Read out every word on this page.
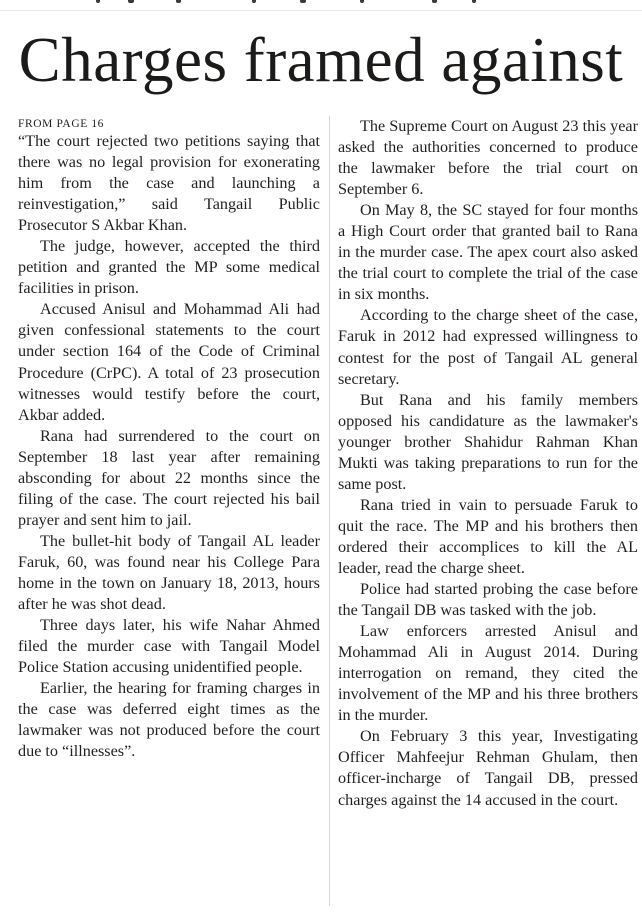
Charges framed against
FROM PAGE 16

“The court rejected two petitions saying that there was no legal provision for exonerating him from the case and launching a reinvestigation,” said Tangail Public Prosecutor S Akbar Khan.

The judge, however, accepted the third petition and granted the MP some medical facilities in prison.

Accused Anisul and Mohammad Ali had given confessional statements to the court under section 164 of the Code of Criminal Procedure (CrPC). A total of 23 prosecution witnesses would testify before the court, Akbar added.

Rana had surrendered to the court on September 18 last year after remaining absconding for about 22 months since the filing of the case. The court rejected his bail prayer and sent him to jail.

The bullet-hit body of Tangail AL leader Faruk, 60, was found near his College Para home in the town on January 18, 2013, hours after he was shot dead.

Three days later, his wife Nahar Ahmed filed the murder case with Tangail Model Police Station accusing unidentified people.

Earlier, the hearing for framing charges in the case was deferred eight times as the lawmaker was not produced before the court due to “illnesses”.

The Supreme Court on August 23 this year asked the authorities concerned to produce the lawmaker before the trial court on September 6.

On May 8, the SC stayed for four months a High Court order that granted bail to Rana in the murder case. The apex court also asked the trial court to complete the trial of the case in six months.

According to the charge sheet of the case, Faruk in 2012 had expressed willingness to contest for the post of Tangail AL general secretary.

But Rana and his family members opposed his candidature as the lawmaker's younger brother Shahidur Rahman Khan Mukti was taking preparations to run for the same post.

Rana tried in vain to persuade Faruk to quit the race. The MP and his brothers then ordered their accomplices to kill the AL leader, read the charge sheet.

Police had started probing the case before the Tangail DB was tasked with the job.

Law enforcers arrested Anisul and Mohammad Ali in August 2014. During interrogation on remand, they cited the involvement of the MP and his three brothers in the murder.

On February 3 this year, Investigating Officer Mahfeejur Rehman Ghulam, then officer-incharge of Tangail DB, pressed charges against the 14 accused in the court.
